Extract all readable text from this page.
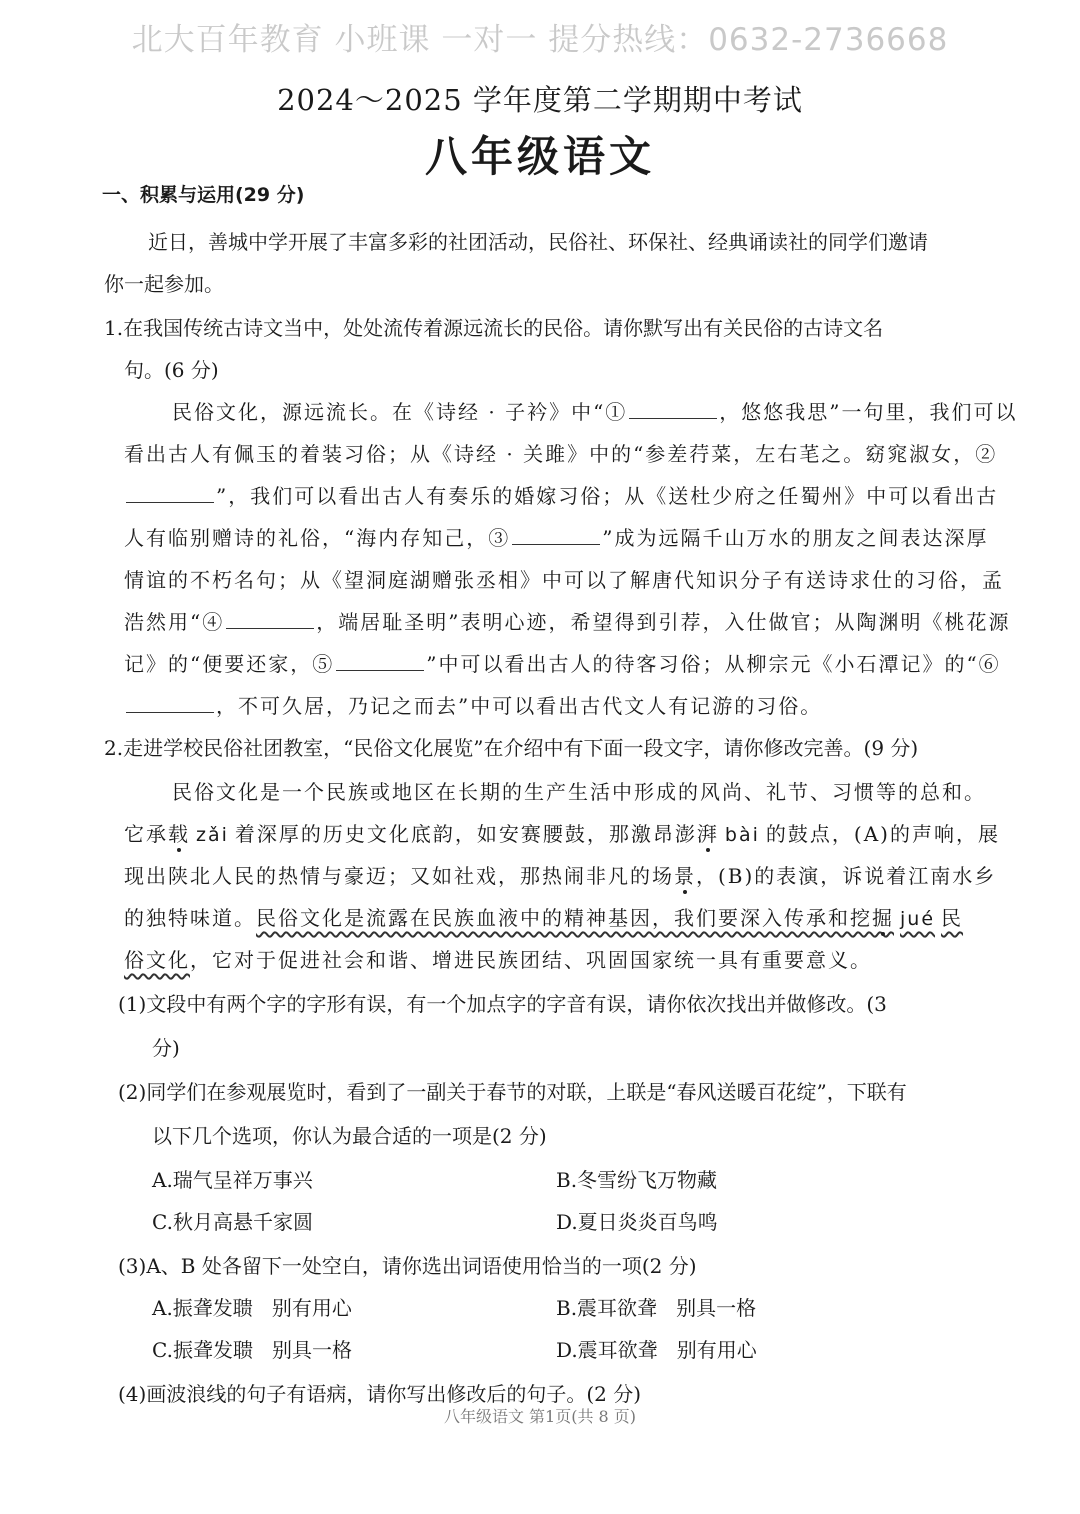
北大百年教育 小班课 一对一 提分热线：0632-2736668
2024～2025 学年度第二学期期中考试
八年级语文
一、积累与运用(29 分)
近日，善城中学开展了丰富多彩的社团活动，民俗社、环保社、经典诵读社的同学们邀请
你一起参加。
1.在我国传统古诗文当中，处处流传着源远流长的民俗。请你默写出有关民俗的古诗文名
句。(6 分)
民俗文化，源远流长。在《诗经 · 子衿》中“①	，悠悠我思”一句里，我们可以
看出古人有佩玉的着装习俗；从《诗经 · 关雎》中的“参差荇菜，左右芼之。窈窕淑女，②
”，我们可以看出古人有奏乐的婚嫁习俗；从《送杜少府之任蜀州》中可以看出古
人有临别赠诗的礼俗，“海内存知己，③	”成为远隔千山万水的朋友之间表达深厚
情谊的不朽名句；从《望洞庭湖赠张丞相》中可以了解唐代知识分子有送诗求仕的习俗，孟
浩然用“④	，端居耻圣明”表明心迹，希望得到引荐，入仕做官；从陶渊明《桃花源
记》的“便要还家，⑤	”中可以看出古人的待客习俗；从柳宗元《小石潭记》的“⑥
，不可久居，乃记之而去”中可以看出古代文人有记游的习俗。
2.走进学校民俗社团教室，“民俗文化展览”在介绍中有下面一段文字，请你修改完善。(9 分)
民俗文化是一个民族或地区在长期的生产生活中形成的风尚、礼节、习惯等的总和。
它承载 zǎi 着深厚的历史文化底韵，如安赛腰鼓，那激昂澎湃 bài 的鼓点，(A)的声响，展
现出陕北人民的热情与豪迈；又如社戏，那热闹非凡的场景，(B)的表演，诉说着江南水乡
的独特味道。民俗文化是流露在民族血液中的精神基因，我们要深入传承和挖掘 jué 民
俗文化，它对于促进社会和谐、增进民族团结、巩固国家统一具有重要意义。
(1)文段中有两个字的字形有误，有一个加点字的字音有误，请你依次找出并做修改。(3
分)
(2)同学们在参观展览时，看到了一副关于春节的对联，上联是“春风送暖百花绽”，下联有
以下几个选项，你认为最合适的一项是(2 分)
A.瑞气呈祥万事兴	B.冬雪纷飞万物藏
C.秋月高悬千家圆	D.夏日炎炎百鸟鸣
(3)A、B 处各留下一处空白，请你选出词语使用恰当的一项(2 分)
A.振聋发聩   别有用心	B.震耳欲聋   别具一格
C.振聋发聩   别具一格	D.震耳欲聋   别有用心
(4)画波浪线的句子有语病，请你写出修改后的句子。(2 分)
八年级语文 第1页(共 8 页)
